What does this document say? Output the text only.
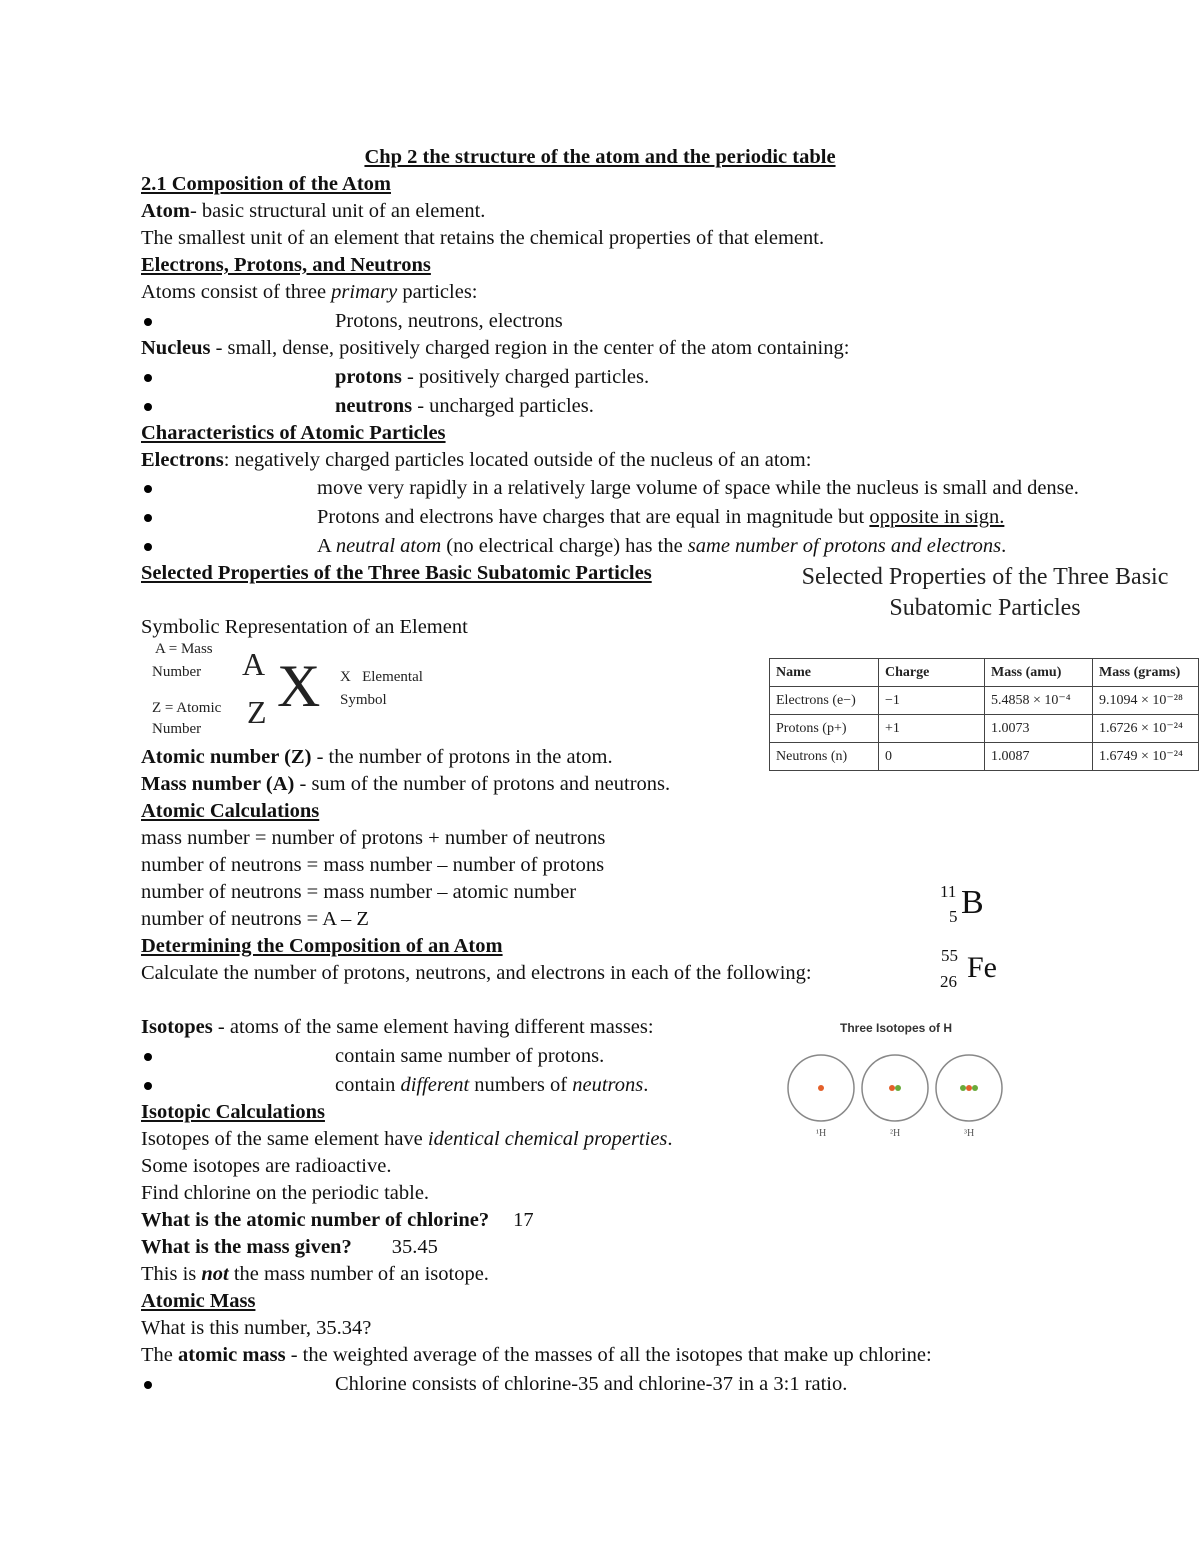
Chp 2 the structure of the atom and the periodic table
2.1 Composition of the Atom
Atom- basic structural unit of an element.
The smallest unit of an element that retains the chemical properties of that element.
Electrons, Protons, and Neutrons
Atoms consist of three primary particles:
Protons, neutrons, electrons
Nucleus - small, dense, positively charged region in the center of the atom containing:
protons - positively charged particles.
neutrons - uncharged particles.
Characteristics of Atomic Particles
Electrons: negatively charged particles located outside of the nucleus of an atom:
move very rapidly in a relatively large volume of space while the nucleus is small and dense.
Protons and electrons have charges that are equal in magnitude but opposite in sign.
A neutral atom (no electrical charge) has the same number of protons and electrons.
Selected Properties of the Three Basic Subatomic Particles	Selected Properties of the Three Basic Subatomic Particles
Name	Charge	Mass (amu)	Mass (grams)
Electrons (e−)	−1	5.4858 × 10⁻⁴	9.1094 × 10⁻²⁸
Protons (p+)	+1	1.0073	1.6726 × 10⁻²⁴
Neutrons (n)	0	1.0087	1.6749 × 10⁻²⁴
Symbolic Representation of an Element
A = Mass
Number
Z = Atomic
Number
A
Z X X   Elemental
Symbol
Atomic number (Z) - the number of protons in the atom.
Mass number (A) - sum of the number of protons and neutrons.
Atomic Calculations
mass number = number of protons + number of neutrons
number of neutrons = mass number – number of protons
number of neutrons = mass number – atomic number
number of neutrons = A – Z
11
5 B
55
26 Fe
Determining the Composition of an Atom
Calculate the number of protons, neutrons, and electrons in each of the following:
Isotopes - atoms of the same element having different masses:
contain same number of protons.
contain different numbers of neutrons.
Three Isotopes of H
¹H	²H	³H
Isotopic Calculations
Isotopes of the same element have identical chemical properties.
Some isotopes are radioactive.
Find chlorine on the periodic table.
What is the atomic number of chlorine? 17
What is the mass given? 35.45
This is not the mass number of an isotope.
Atomic Mass
What is this number, 35.34?
The atomic mass - the weighted average of the masses of all the isotopes that make up chlorine:
Chlorine consists of chlorine-35 and chlorine-37 in a 3:1 ratio.
